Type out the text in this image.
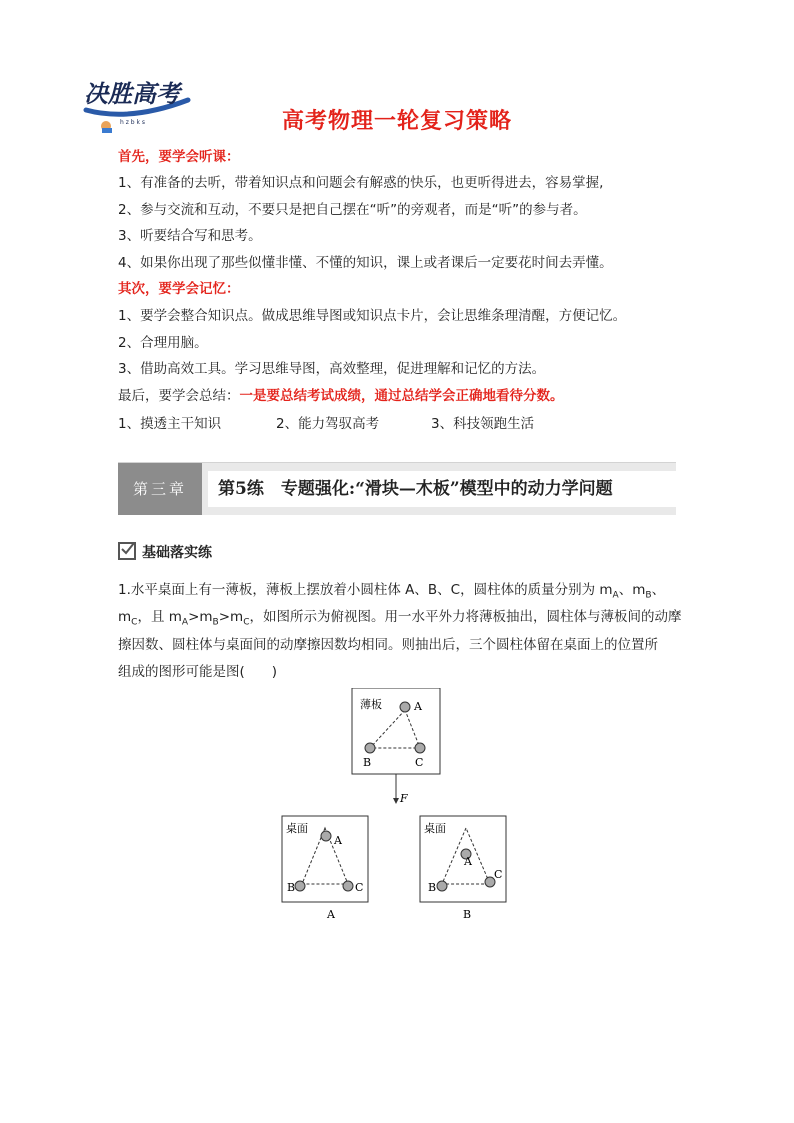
决胜高考
h z b k s	高考物理一轮复习策略
首先，要学会听课：
1、有准备的去听，带着知识点和问题会有解惑的快乐，也更听得进去，容易掌握,
2、参与交流和互动，不要只是把自己摆在“听”的旁观者，而是“听”的参与者。
3、听要结合写和思考。
4、如果你出现了那些似懂非懂、不懂的知识，课上或者课后一定要花时间去弄懂。
其次，要学会记忆：
1、要学会整合知识点。做成思维导图或知识点卡片，会让思维条理清醒，方便记忆。
2、合理用脑。
3、借助高效工具。学习思维导图，高效整理，促进理解和记忆的方法。
最后，要学会总结：一是要总结考试成绩，通过总结学会正确地看待分数。
1、摸透主干知识	2、能力驾驭高考	3、科技领跑生活
第三章	第5练　专题强化:“滑块—木板”模型中的动力学问题
基础落实练
1.水平桌面上有一薄板，薄板上摆放着小圆柱体 A、B、C，圆柱体的质量分别为 $m_A$、$m_B$、
$m_C$，且 $m_A>m_B>m_C$，如图所示为俯视图。用一水平外力将薄板抽出，圆柱体与薄板间的动摩
擦因数、圆柱体与桌面间的动摩擦因数均相同。则抽出后，三个圆柱体留在桌面上的位置所
组成的图形可能是图(　　)
薄板	A
B	C
F
桌面
A
B	C
A
桌面
A
B
C
B
